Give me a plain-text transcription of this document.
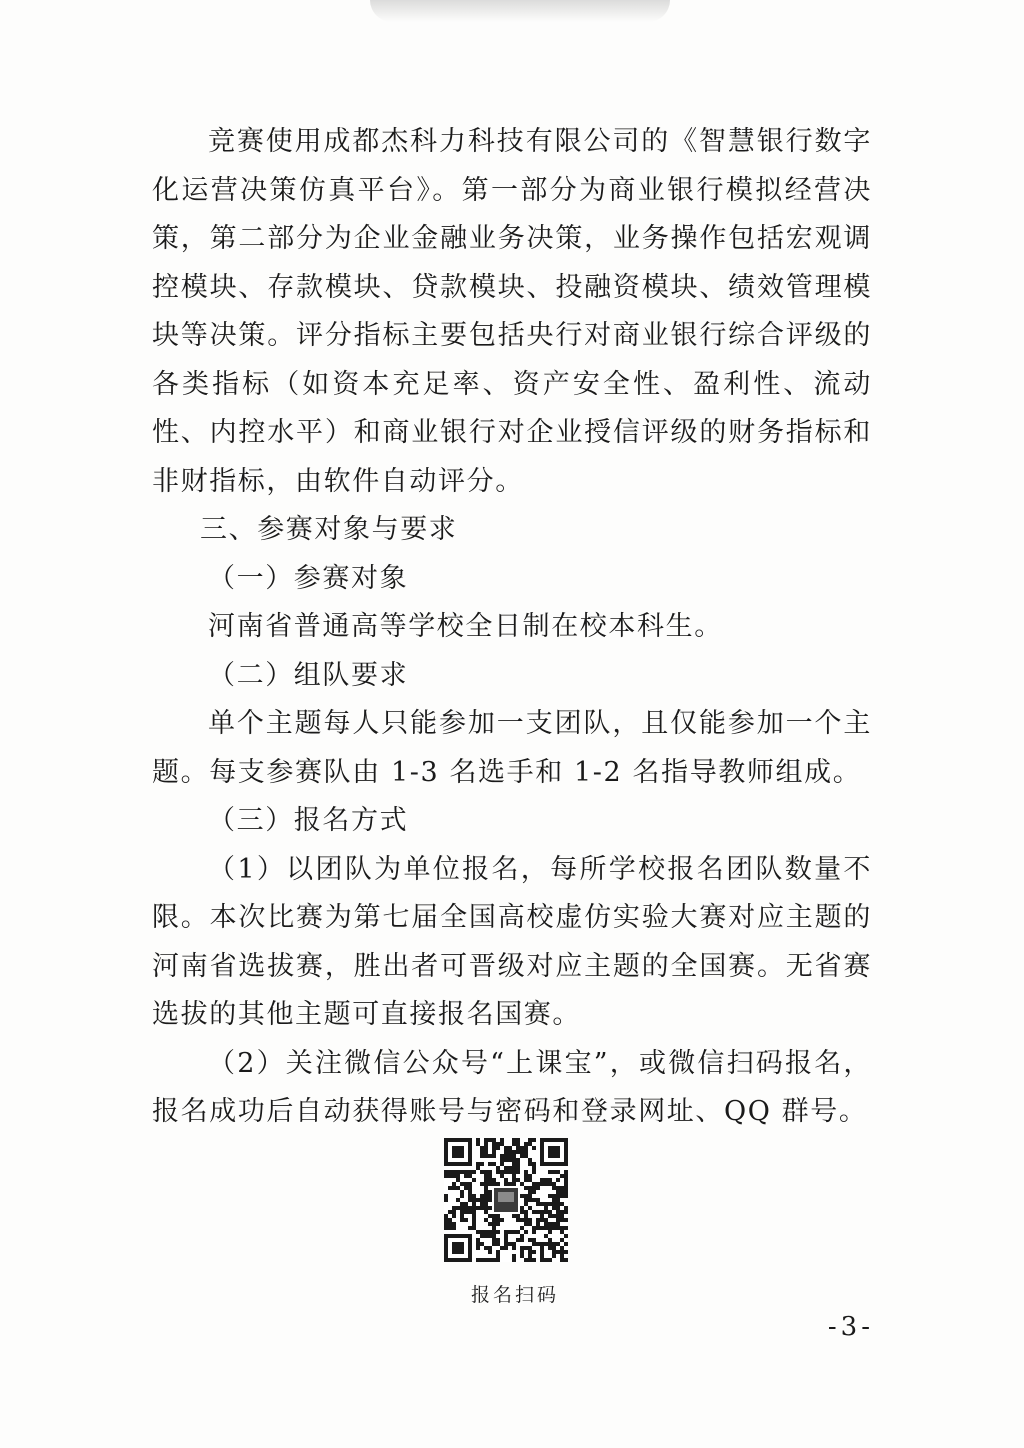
竞赛使用成都杰科力科技有限公司的《智慧银行数字化运营决策仿真平台》。第一部分为商业银行模拟经营决策，第二部分为企业金融业务决策，业务操作包括宏观调控模块、存款模块、贷款模块、投融资模块、绩效管理模块等决策。评分指标主要包括央行对商业银行综合评级的各类指标（如资本充足率、资产安全性、盈利性、流动性、内控水平）和商业银行对企业授信评级的财务指标和非财指标，由软件自动评分。

三、参赛对象与要求

（一）参赛对象

河南省普通高等学校全日制在校本科生。

（二）组队要求

单个主题每人只能参加一支团队，且仅能参加一个主题。每支参赛队由 1-3 名选手和 1-2 名指导教师组成。

（三）报名方式

（1）以团队为单位报名，每所学校报名团队数量不限。本次比赛为第七届全国高校虚仿实验大赛对应主题的河南省选拔赛，胜出者可晋级对应主题的全国赛。无省赛选拔的其他主题可直接报名国赛。

（2）关注微信公众号“上课宝”，或微信扫码报名，报名成功后自动获得账号与密码和登录网址、QQ 群号。

报名扫码
-3-
